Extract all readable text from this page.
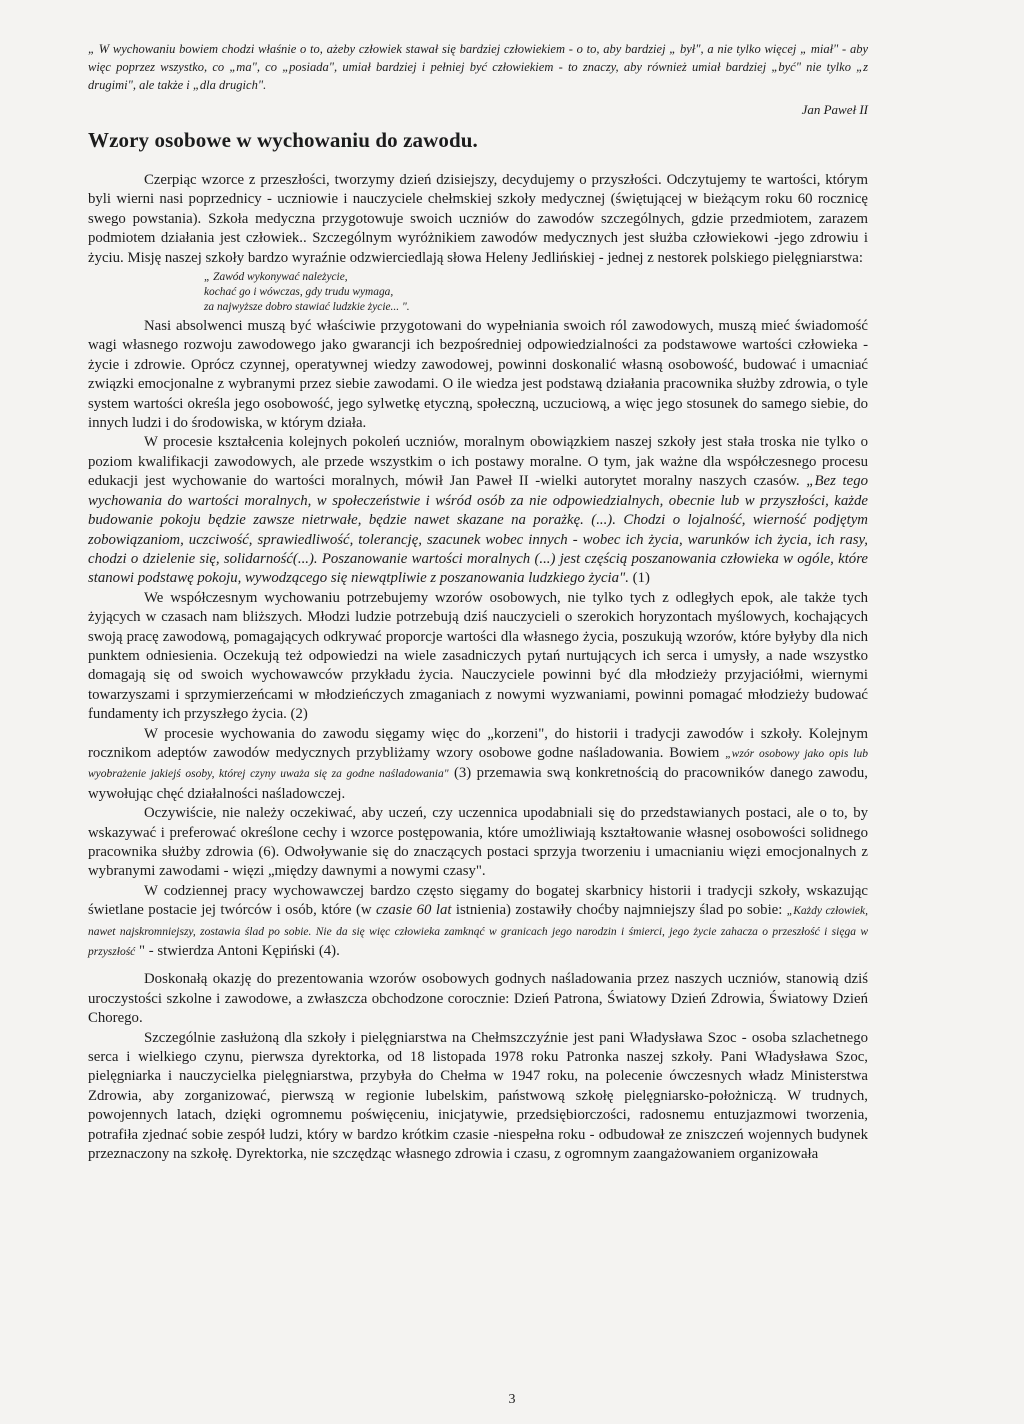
„ W wychowaniu bowiem chodzi właśnie o to, ażeby człowiek stawał się bardziej człowiekiem - o to, aby bardziej „ był", a nie tylko więcej „ miał" - aby więc poprzez wszystko, co „ma", co „posiada", umiał bardziej i pełniej być człowiekiem - to znaczy, aby również umiał bardziej „być" nie tylko „z drugimi", ale także i „dla drugich".

Jan Paweł II

Wzory osobowe w wychowaniu do zawodu.

Czerpiąc wzorce z przeszłości, tworzymy dzień dzisiejszy, decydujemy o przyszłości. Odczytujemy te wartości, którym byli wierni nasi poprzednicy - uczniowie i nauczyciele chełmskiej szkoły medycznej (świętującej w bieżącym roku 60 rocznicę swego powstania). Szkoła medyczna przygotowuje swoich uczniów do zawodów szczególnych, gdzie przedmiotem, zarazem podmiotem działania jest człowiek.. Szczególnym wyróżnikiem zawodów medycznych jest służba człowiekowi -jego zdrowiu i życiu. Misję naszej szkoły bardzo wyraźnie odzwierciedlają słowa Heleny Jedlińskiej - jednej z nestorek polskiego pielęgniarstwa:

„ Zawód wykonywać należycie,
kochać go i wówczas, gdy trudu wymaga,
za najwyższe dobro stawiać ludzkie życie... ".

Nasi absolwenci muszą być właściwie przygotowani do wypełniania swoich ról zawodowych, muszą mieć świadomość wagi własnego rozwoju zawodowego jako gwarancji ich bezpośredniej odpowiedzialności za podstawowe wartości człowieka - życie i zdrowie. Oprócz czynnej, operatywnej wiedzy zawodowej, powinni doskonalić własną osobowość, budować i umacniać związki emocjonalne z wybranymi przez siebie zawodami. O ile wiedza jest podstawą działania pracownika służby zdrowia, o tyle system wartości określa jego osobowość, jego sylwetkę etyczną, społeczną, uczuciową, a więc jego stosunek do samego siebie, do innych ludzi i do środowiska, w którym działa.

W procesie kształcenia kolejnych pokoleń uczniów, moralnym obowiązkiem naszej szkoły jest stała troska nie tylko o poziom kwalifikacji zawodowych, ale przede wszystkim o ich postawy moralne. O tym, jak ważne dla współczesnego procesu edukacji jest wychowanie do wartości moralnych, mówił Jan Paweł II -wielki autorytet moralny naszych czasów. „Bez tego wychowania do wartości moralnych, w społeczeństwie i wśród osób za nie odpowiedzialnych, obecnie lub w przyszłości, każde budowanie pokoju będzie zawsze nietrwałe, będzie nawet skazane na porażkę. (...). Chodzi o lojalność, wierność podjętym zobowiązaniom, uczciwość, sprawiedliwość, tolerancję, szacunek wobec innych - wobec ich życia, warunków ich życia, ich rasy, chodzi o dzielenie się, solidarność(...). Poszanowanie wartości moralnych (...) jest częścią poszanowania człowieka w ogóle, które stanowi podstawę pokoju, wywodzącego się niewątpliwie z poszanowania ludzkiego życia". (1)

We współczesnym wychowaniu potrzebujemy wzorów osobowych, nie tylko tych z odległych epok, ale także tych żyjących w czasach nam bliższych. Młodzi ludzie potrzebują dziś nauczycieli o szerokich horyzontach myślowych, kochających swoją pracę zawodową, pomagających odkrywać proporcje wartości dla własnego życia, poszukują wzorów, które byłyby dla nich punktem odniesienia. Oczekują też odpowiedzi na wiele zasadniczych pytań nurtujących ich serca i umysły, a nade wszystko domagają się od swoich wychowawców przykładu życia. Nauczyciele powinni być dla młodzieży przyjaciółmi, wiernymi towarzyszami i sprzymierzeńcami w młodzieńczych zmaganiach z nowymi wyzwaniami, powinni pomagać młodzieży budować fundamenty ich przyszłego życia. (2)

W procesie wychowania do zawodu sięgamy więc do „korzeni", do historii i tradycji zawodów i szkoły. Kolejnym rocznikom adeptów zawodów medycznych przybliżamy wzory osobowe godne naśladowania. Bowiem „wzór osobowy jako opis lub wyobrażenie jakiejś osoby, której czyny uważa się za godne naśladowania" (3) przemawia swą konkretnością do pracowników danego zawodu, wywołując chęć działalności naśladowczej.

Oczywiście, nie należy oczekiwać, aby uczeń, czy uczennica upodabniali się do przedstawianych postaci, ale o to, by wskazywać i preferować określone cechy i wzorce postępowania, które umożliwiają kształtowanie własnej osobowości solidnego pracownika służby zdrowia (6). Odwoływanie się do znaczących postaci sprzyja tworzeniu i umacnianiu więzi emocjonalnych z wybranymi zawodami - więzi „między dawnymi a nowymi czasy".

W codziennej pracy wychowawczej bardzo często sięgamy do bogatej skarbnicy historii i tradycji szkoły, wskazując świetlane postacie jej twórców i osób, które (w czasie 60 lat istnienia) zostawiły choćby najmniejszy ślad po sobie: „Każdy człowiek, nawet najskromniejszy, zostawia ślad po sobie. Nie da się więc człowieka zamknąć w granicach jego narodzin i śmierci, jego życie zahacza o przeszłość i sięga w przyszłość " - stwierdza Antoni Kępiński (4).

Doskonałą okazję do prezentowania wzorów osobowych godnych naśladowania przez naszych uczniów, stanowią dziś uroczystości szkolne i zawodowe, a zwłaszcza obchodzone corocznie: Dzień Patrona, Światowy Dzień Zdrowia, Światowy Dzień Chorego.

Szczególnie zasłużoną dla szkoły i pielęgniarstwa na Chełmszczyźnie jest pani Władysława Szoc - osoba szlachetnego serca i wielkiego czynu, pierwsza dyrektorka, od 18 listopada 1978 roku Patronka naszej szkoły. Pani Władysława Szoc, pielęgniarka i nauczycielka pielęgniarstwa, przybyła do Chełma w 1947 roku, na polecenie ówczesnych władz Ministerstwa Zdrowia, aby zorganizować, pierwszą w regionie lubelskim, państwową szkołę pielęgniarsko-położniczą. W trudnych, powojennych latach, dzięki ogromnemu poświęceniu, inicjatywie, przedsiębiorczości, radosnemu entuzjazmowi tworzenia, potrafiła zjednać sobie zespół ludzi, który w bardzo krótkim czasie -niespełna roku - odbudował ze zniszczeń wojennych budynek przeznaczony na szkołę. Dyrektorka, nie szczędząc własnego zdrowia i czasu, z ogromnym zaangażowaniem organizowała

3
